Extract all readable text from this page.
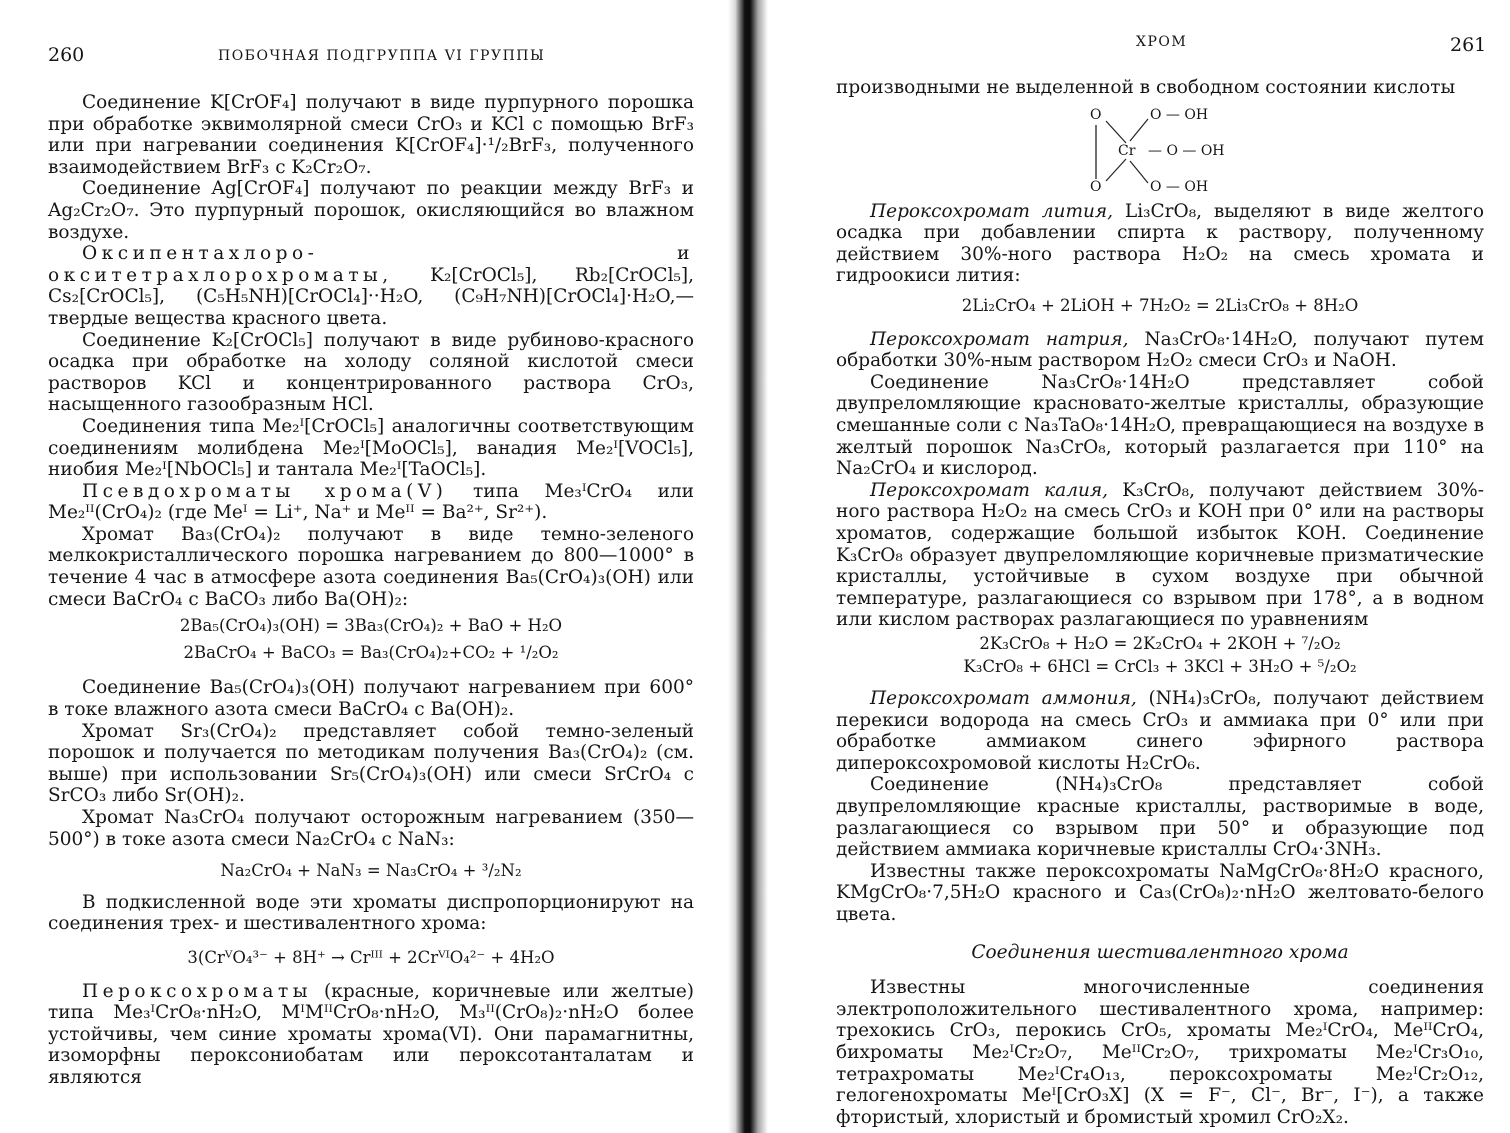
260	ПОБОЧНАЯ ПОДГРУППА VI ГРУППЫ

Соединение K[CrOF₄] получают в виде пурпурного порошка при обработке эквимолярной смеси CrO₃ и KCl с помощью BrF₃ или при нагревании соединения K[CrOF₄]·¹/₂BrF₃, полученного взаимодействием BrF₃ с K₂Cr₂O₇.

Соединение Ag[CrOF₄] получают по реакции между BrF₃ и Ag₂Cr₂O₇. Это пурпурный порошок, окисляющийся во влажном воздухе.

Оксипентахлоро- и окситетрахлорохроматы, K₂[CrOCl₅], Rb₂[CrOCl₅], Cs₂[CrOCl₅], (C₅H₅NH)[CrOCl₄]··H₂O, (C₉H₇NH)[CrOCl₄]·H₂O,— твердые вещества красного цвета.

Соединение K₂[CrOCl₅] получают в виде рубиново-красного осадка при обработке на холоду соляной кислотой смеси растворов KCl и концентрированного раствора CrO₃, насыщенного газообразным HCl.

Соединения типа Me₂ᴵ[CrOCl₅] аналогичны соответствующим соединениям молибдена Me₂ᴵ[MoOCl₅], ванадия Me₂ᴵ[VOCl₅], ниобия Me₂ᴵ[NbOCl₅] и тантала Me₂ᴵ[TaOCl₅].

Псевдохроматы хрома(V) типа Me₃ᴵCrO₄ или Me₂ᴵᴵ(CrO₄)₂ (где Meᴵ = Li⁺, Na⁺ и Meᴵᴵ = Ba²⁺, Sr²⁺).

Хромат Ba₃(CrO₄)₂ получают в виде темно-зеленого мелкокристаллического порошка нагреванием до 800—1000° в течение 4 час в атмосфере азота соединения Ba₅(CrO₄)₃(OH) или смеси BaCrO₄ с BaCO₃ либо Ba(OH)₂:

2Ba₅(CrO₄)₃(OH) = 3Ba₃(CrO₄)₂ + BaO + H₂O
2BaCrO₄ + BaCO₃ = Ba₃(CrO₄)₂+CO₂ + ¹/₂O₂

Соединение Ba₅(CrO₄)₃(OH) получают нагреванием при 600° в токе влажного азота смеси BaCrO₄ с Ba(OH)₂.

Хромат Sr₃(CrO₄)₂ представляет собой темно-зеленый порошок и получается по методикам получения Ba₃(CrO₄)₂ (см. выше) при использовании Sr₅(CrO₄)₃(OH) или смеси SrCrO₄ с SrCO₃ либо Sr(OH)₂.

Хромат Na₃CrO₄ получают осторожным нагреванием (350—500°) в токе азота смеси Na₂CrO₄ с NaN₃:

Na₂CrO₄ + NaN₃ = Na₃CrO₄ + ³/₂N₂

В подкисленной воде эти хроматы диспропорционируют на соединения трех- и шестивалентного хрома:

3(CrⱽO₄³⁻ + 8H⁺ → Crᴵᴵᴵ + 2CrⱽᴵO₄²⁻ + 4H₂O

Пероксохроматы (красные, коричневые или желтые) типа Me₃ᴵCrO₈·nH₂O, MᴵMᴵᴵCrO₈·nH₂O, M₃ᴵᴵ(CrO₈)₂·nH₂O более устойчивы, чем синие хроматы хрома(VI). Они парамагнитны, изоморфны пероксониобатам или пероксотанталатам и являются

ХРОМ	261

производными не выделенной в свободном состоянии кислоты

O
O
Cr — O — OH
O — OH
O — OH

Пероксохромат лития, Li₃CrO₈, выделяют в виде желтого осадка при добавлении спирта к раствору, полученному действием 30%-ного раствора H₂O₂ на смесь хромата и гидроокиси лития:

2Li₂CrO₄ + 2LiOH + 7H₂O₂ = 2Li₃CrO₈ + 8H₂O

Пероксохромат натрия, Na₃CrO₈·14H₂O, получают путем обработки 30%-ным раствором H₂O₂ смеси CrO₃ и NaOH.

Соединение Na₃CrO₈·14H₂O представляет собой двупреломляющие красновато-желтые кристаллы, образующие смешанные соли с Na₃TaO₈·14H₂O, превращающиеся на воздухе в желтый порошок Na₃CrO₈, который разлагается при 110° на Na₂CrO₄ и кислород.

Пероксохромат калия, K₃CrO₈, получают действием 30%-ного раствора H₂O₂ на смесь CrO₃ и KOH при 0° или на растворы хроматов, содержащие большой избыток KOH. Соединение K₃CrO₈ образует двупреломляющие коричневые призматические кристаллы, устойчивые в сухом воздухе при обычной температуре, разлагающиеся со взрывом при 178°, а в водном или кислом растворах разлагающиеся по уравнениям

2K₃CrO₈ + H₂O = 2K₂CrO₄ + 2KOH + ⁷/₂O₂
K₃CrO₈ + 6HCl = CrCl₃ + 3KCl + 3H₂O + ⁵/₂O₂

Пероксохромат аммония, (NH₄)₃CrO₈, получают действием перекиси водорода на смесь CrO₃ и аммиака при 0° или при обработке аммиаком синего эфирного раствора дипероксохромовой кислоты H₂CrO₆.

Соединение (NH₄)₃CrO₈ представляет собой двупреломляющие красные кристаллы, растворимые в воде, разлагающиеся со взрывом при 50° и образующие под действием аммиака коричневые кристаллы CrO₄·3NH₃.

Известны также пероксохроматы NaMgCrO₈·8H₂O красного, KMgCrO₈·7,5H₂O красного и Ca₃(CrO₈)₂·nH₂O желтовато-белого цвета.

Соединения шестивалентного хрома

Известны многочисленные соединения электроположительного шестивалентного хрома, например: трехокись CrO₃, перокись CrO₅, хроматы Me₂ᴵCrO₄, MeᴵᴵCrO₄, бихроматы Me₂ᴵCr₂O₇, MeᴵᴵCr₂O₇, трихроматы Me₂ᴵCr₃O₁₀, тетрахроматы Me₂ᴵCr₄O₁₃, пероксохроматы Me₂ᴵCr₂O₁₂, гелогенохроматы Meᴵ[CrO₃X] (X = F⁻, Cl⁻, Br⁻, I⁻), а также фтористый, хлористый и бромистый хромил CrO₂X₂.
